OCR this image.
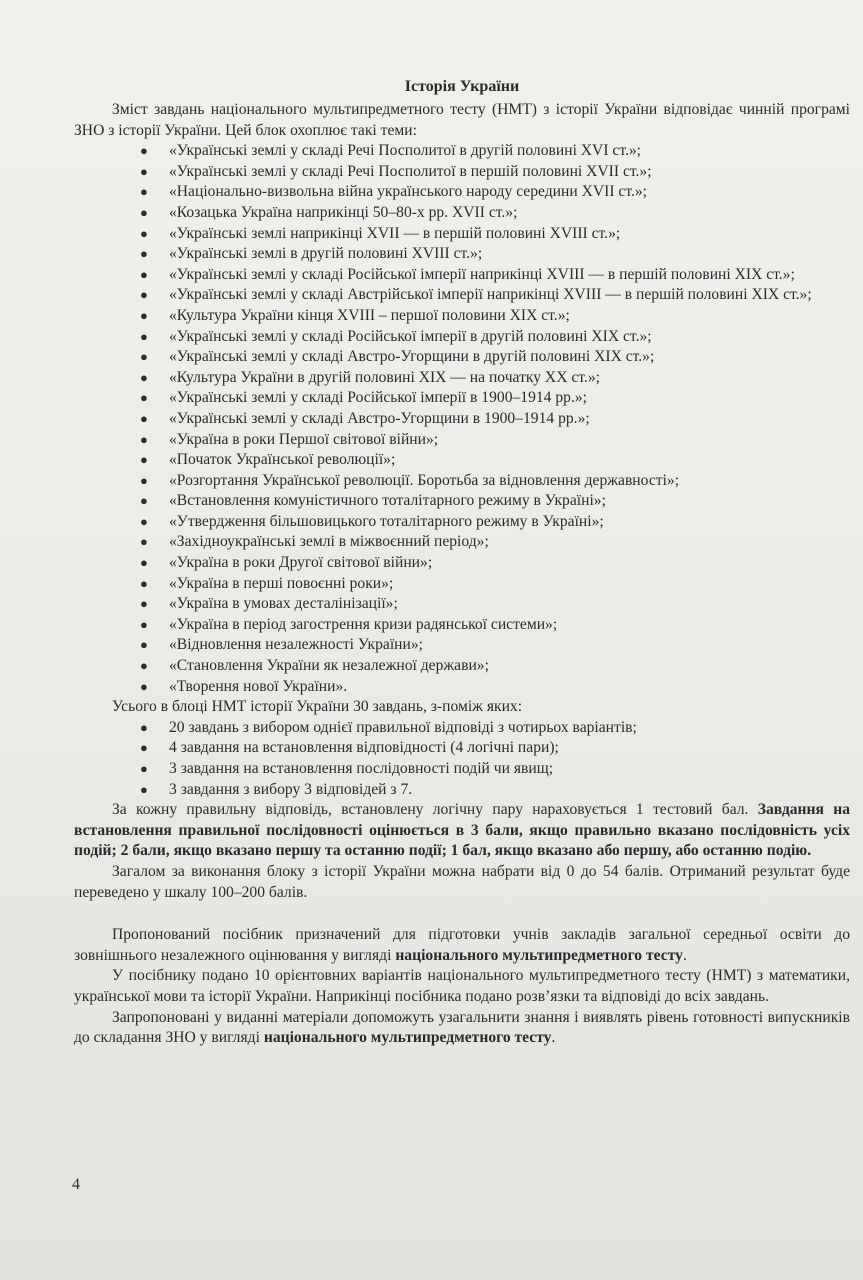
Історія України

Зміст завдань національного мультипредметного тесту (НМТ) з історії України відповідає чинній програмі ЗНО з історії України. Цей блок охоплює такі теми:

● «Українські землі у складі Речі Посполитої в другій половині XVI ст.»;
● «Українські землі у складі Речі Посполитої в першій половині XVII ст.»;
● «Національно-визвольна війна українського народу середини XVII ст.»;
● «Козацька Україна наприкінці 50–80-х рр. XVII ст.»;
● «Українські землі наприкінці XVII — в першій половині XVIII ст.»;
● «Українські землі в другій половині XVIII ст.»;
● «Українські землі у складі Російської імперії наприкінці XVIII — в першій половині XIX ст.»;
● «Українські землі у складі Австрійської імперії наприкінці XVIII — в першій половині XIX ст.»;
● «Культура України кінця XVIII – першої половини XIX ст.»;
● «Українські землі у складі Російської імперії в другій половині XIX ст.»;
● «Українські землі у складі Австро-Угорщини в другій половині XIX ст.»;
● «Культура України в другій половині XIX — на початку XX ст.»;
● «Українські землі у складі Російської імперії в 1900–1914 рр.»;
● «Українські землі у складі Австро-Угорщини в 1900–1914 рр.»;
● «Україна в роки Першої світової війни»;
● «Початок Української революції»;
● «Розгортання Української революції. Боротьба за відновлення державності»;
● «Встановлення комуністичного тоталітарного режиму в Україні»;
● «Утвердження більшовицького тоталітарного режиму в Україні»;
● «Західноукраїнські землі в міжвоєнний період»;
● «Україна в роки Другої світової війни»;
● «Україна в перші повоєнні роки»;
● «Україна в умовах десталінізації»;
● «Україна в період загострення кризи радянської системи»;
● «Відновлення незалежності України»;
● «Становлення України як незалежної держави»;
● «Творення нової України».

Усього в блоці НМТ історії України 30 завдань, з-поміж яких:

● 20 завдань з вибором однієї правильної відповіді з чотирьох варіантів;
● 4 завдання на встановлення відповідності (4 логічні пари);
● 3 завдання на встановлення послідовності подій чи явищ;
● 3 завдання з вибору 3 відповідей з 7.

За кожну правильну відповідь, встановлену логічну пару нараховується 1 тестовий бал. Завдання на встановлення правильної послідовності оцінюється в 3 бали, якщо правильно вказано послідовність усіх подій; 2 бали, якщо вказано першу та останню події; 1 бал, якщо вказано або першу, або останню подію.

Загалом за виконання блоку з історії України можна набрати від 0 до 54 балів. Отриманий результат буде переведено у шкалу 100–200 балів.

Пропонований посібник призначений для підготовки учнів закладів загальної середньої освіти до зовнішнього незалежного оцінювання у вигляді національного мультипредметного тесту.

У посібнику подано 10 орієнтовних варіантів національного мультипредметного тесту (НМТ) з математики, української мови та історії України. Наприкінці посібника подано розв’язки та відповіді до всіх завдань.

Запропоновані у виданні матеріали допоможуть узагальнити знання і виявлять рівень готовності випускників до складання ЗНО у вигляді національного мультипредметного тесту.

4
